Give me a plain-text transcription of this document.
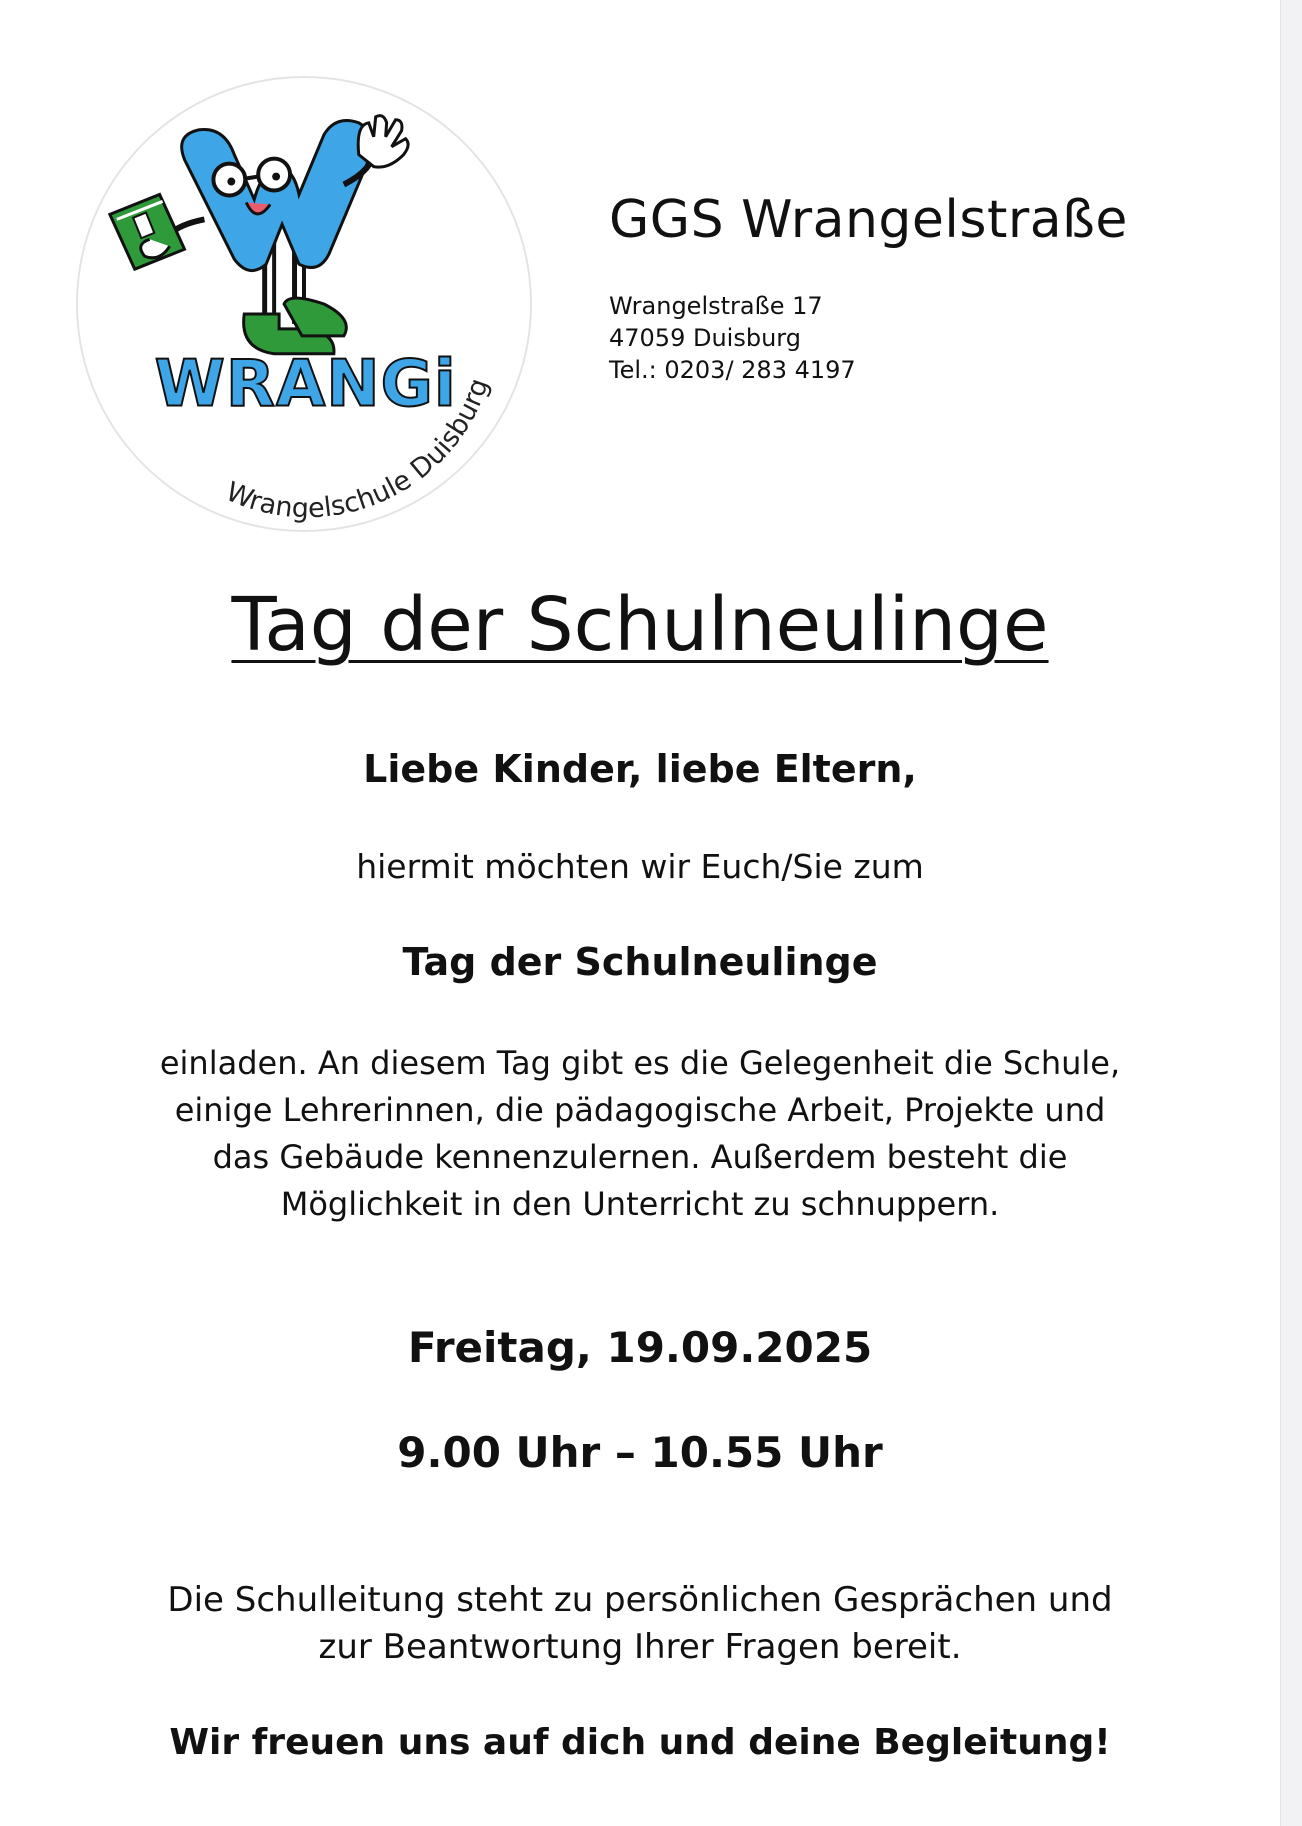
WRANGi
Wrangelschule Duisburg
GGS Wrangelstraße
Wrangelstraße 17
47059 Duisburg
Tel.: 0203/ 283 4197
Tag der Schulneulinge
Liebe Kinder, liebe Eltern,
hiermit möchten wir Euch/Sie zum
Tag der Schulneulinge
einladen. An diesem Tag gibt es die Gelegenheit die Schule,
einige Lehrerinnen, die pädagogische Arbeit, Projekte und
das Gebäude kennenzulernen. Außerdem besteht die
Möglichkeit in den Unterricht zu schnuppern.
Freitag, 19.09.2025
9.00 Uhr – 10.55 Uhr
Die Schulleitung steht zu persönlichen Gesprächen und
zur Beantwortung Ihrer Fragen bereit.
Wir freuen uns auf dich und deine Begleitung!
